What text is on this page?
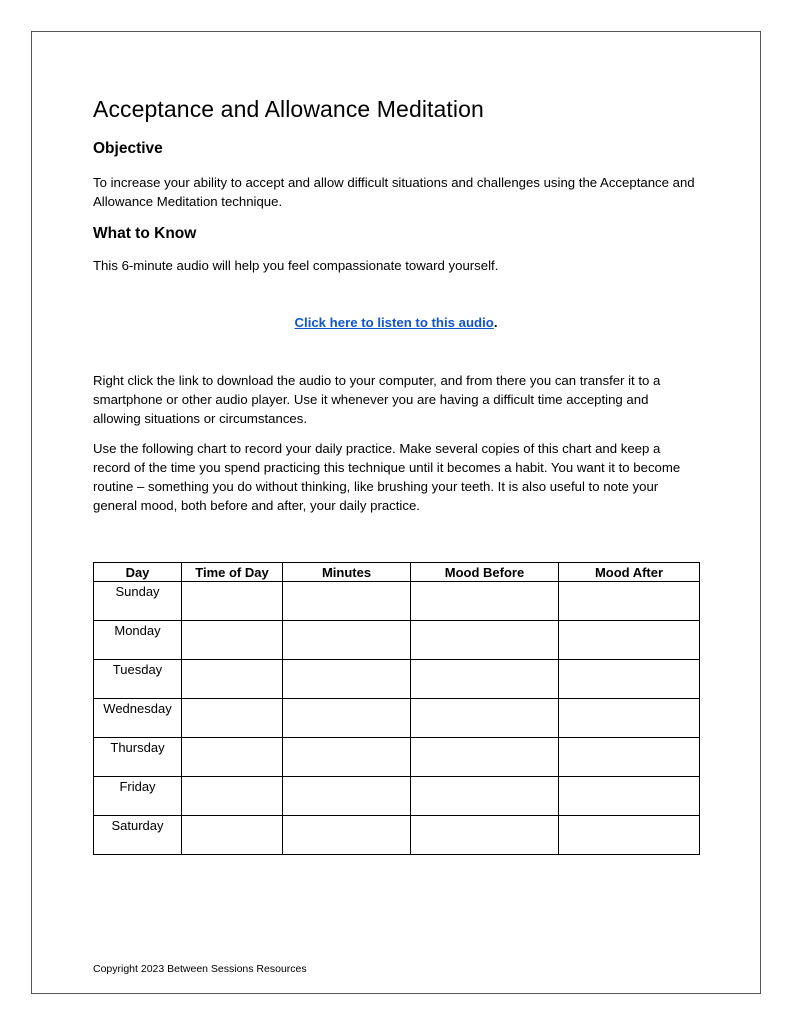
Acceptance and Allowance Meditation
Objective

To increase your ability to accept and allow difficult situations and challenges using the Acceptance and Allowance Meditation technique.

What to Know

This 6-minute audio will help you feel compassionate toward yourself.

Click here to listen to this audio.

Right click the link to download the audio to your computer, and from there you can transfer it to a smartphone or other audio player. Use it whenever you are having a difficult time accepting and allowing situations or circumstances.

Use the following chart to record your daily practice. Make several copies of this chart and keep a record of the time you spend practicing this technique until it becomes a habit. You want it to become routine – something you do without thinking, like brushing your teeth. It is also useful to note your general mood, both before and after, your daily practice.

Day	Time of Day	Minutes	Mood Before	Mood After
Sunday				
Monday				
Tuesday				
Wednesday				
Thursday				
Friday				
Saturday				
Copyright 2023 Between Sessions Resources
